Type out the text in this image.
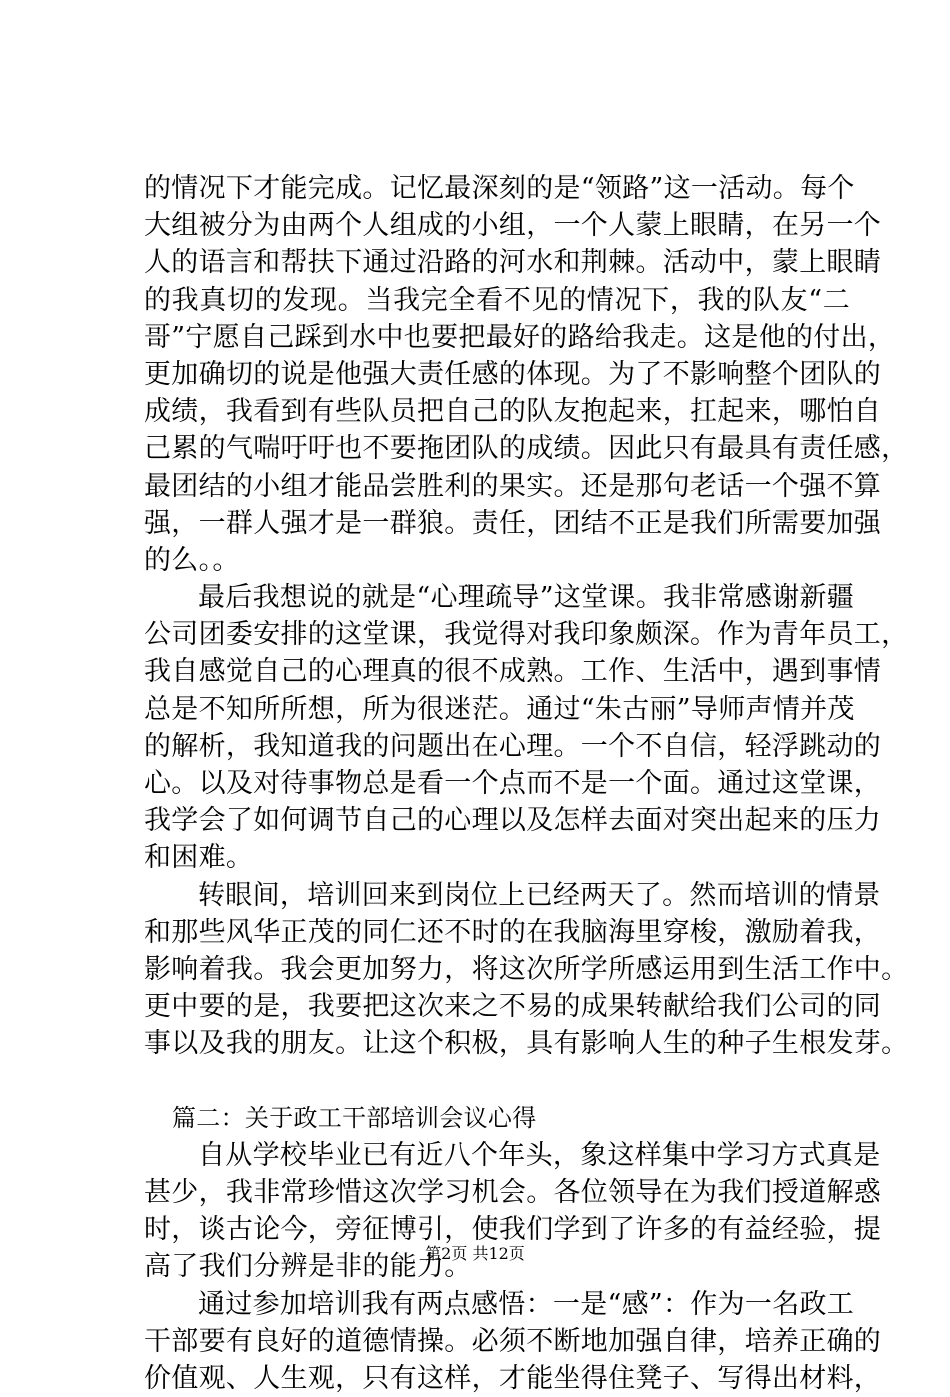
的情况下才能完成。记忆最深刻的是“领路”这一活动。每个
大组被分为由两个人组成的小组，一个人蒙上眼睛，在另一个
人的语言和帮扶下通过沿路的河水和荆棘。活动中，蒙上眼睛
的我真切的发现。当我完全看不见的情况下，我的队友“二
哥”宁愿自己踩到水中也要把最好的路给我走。这是他的付出，
更加确切的说是他强大责任感的体现。为了不影响整个团队的
成绩，我看到有些队员把自己的队友抱起来，扛起来，哪怕自
己累的气喘吁吁也不要拖团队的成绩。因此只有最具有责任感，
最团结的小组才能品尝胜利的果实。还是那句老话一个强不算
强，一群人强才是一群狼。责任，团结不正是我们所需要加强
的么。。
最后我想说的就是“心理疏导”这堂课。我非常感谢新疆
公司团委安排的这堂课，我觉得对我印象颇深。作为青年员工，
我自感觉自己的心理真的很不成熟。工作、生活中，遇到事情
总是不知所所想，所为很迷茫。通过“朱古丽”导师声情并茂
的解析，我知道我的问题出在心理。一个不自信，轻浮跳动的
心。以及对待事物总是看一个点而不是一个面。通过这堂课，
我学会了如何调节自己的心理以及怎样去面对突出起来的压力
和困难。
转眼间，培训回来到岗位上已经两天了。然而培训的情景
和那些风华正茂的同仁还不时的在我脑海里穿梭，激励着我，
影响着我。我会更加努力，将这次所学所感运用到生活工作中。
更中要的是，我要把这次来之不易的成果转献给我们公司的同
事以及我的朋友。让这个积极，具有影响人生的种子生根发芽。
篇二：关于政工干部培训会议心得
自从学校毕业已有近八个年头，象这样集中学习方式真是
甚少，我非常珍惜这次学习机会。各位领导在为我们授道解惑
时，谈古论今，旁征博引，使我们学到了许多的有益经验，提
高了我们分辨是非的能力。
通过参加培训我有两点感悟：一是“感”：作为一名政工
干部要有良好的道德情操。必须不断地加强自律，培养正确的
价值观、人生观，只有这样，才能坐得住凳子、写得出材料，
第2页 共12页
